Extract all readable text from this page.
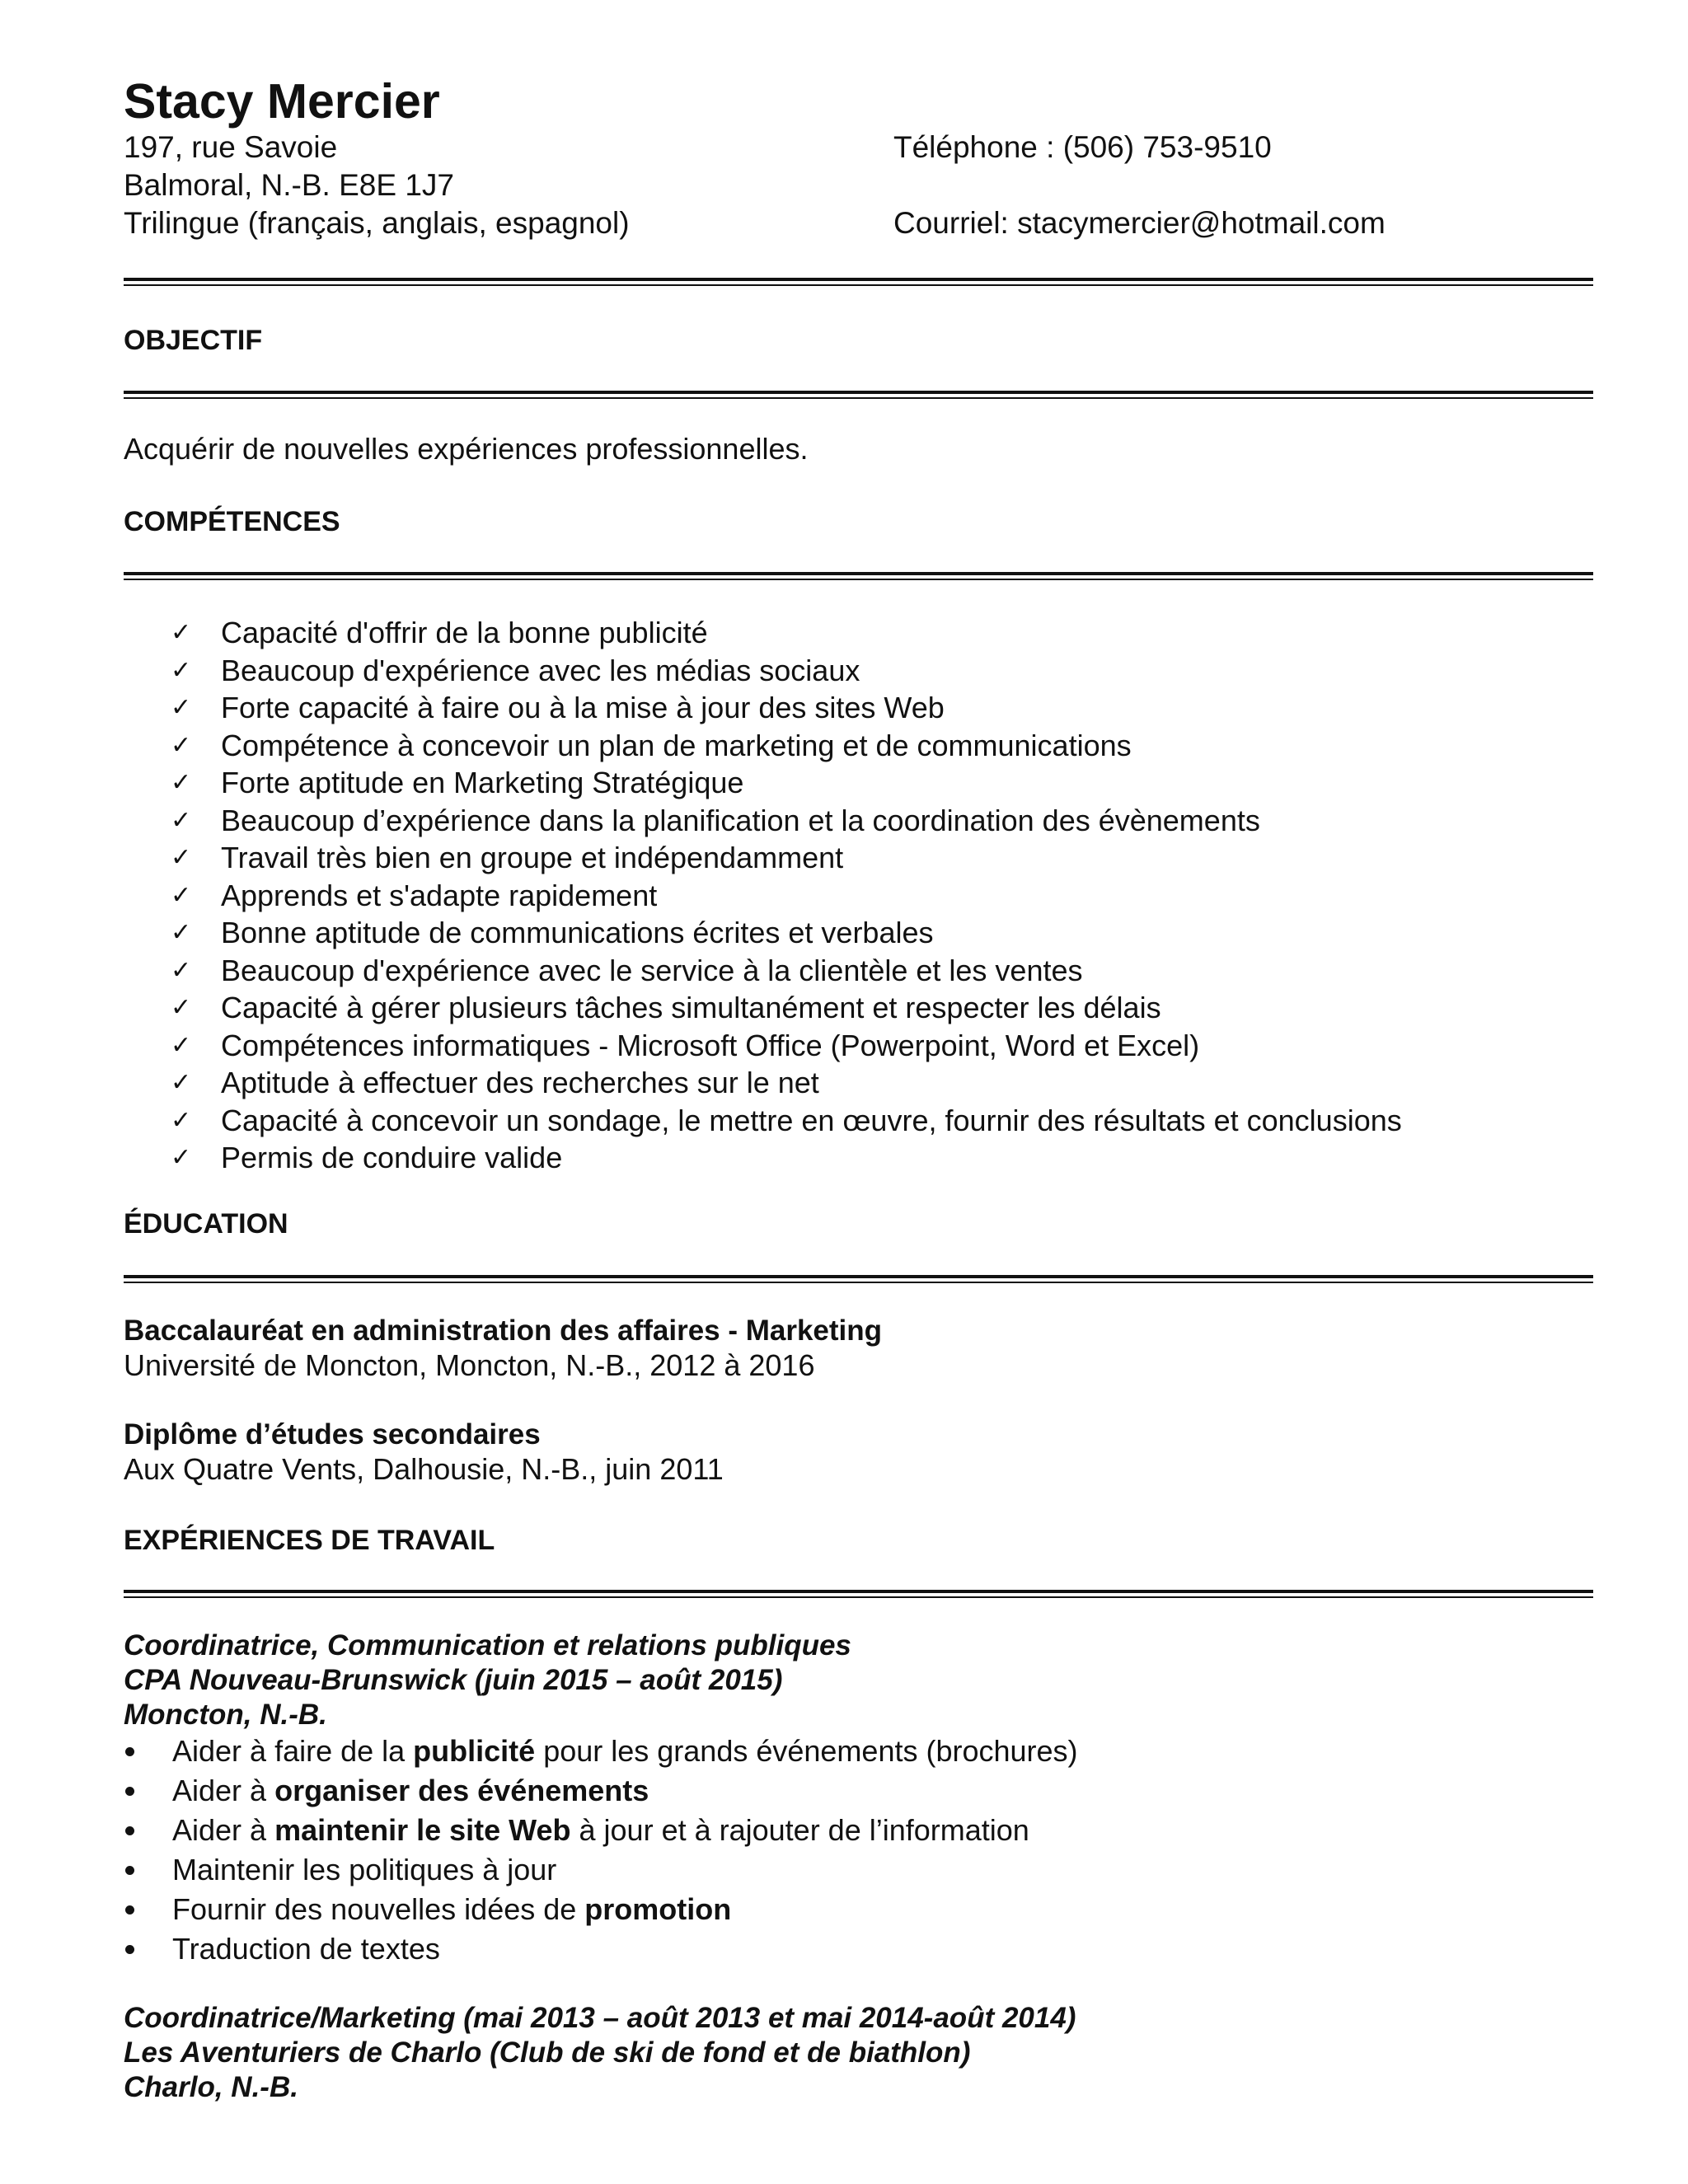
Stacy Mercier
197, rue Savoie
Balmoral, N.-B. E8E 1J7
Trilingue (français, anglais, espagnol)
Téléphone : (506) 753-9510
Courriel: stacymercier@hotmail.com
OBJECTIF
Acquérir de nouvelles expériences professionnelles.
COMPÉTENCES
✓ Capacité d'offrir de la bonne publicité
✓ Beaucoup d'expérience avec les médias sociaux
✓ Forte capacité à faire ou à la mise à jour des sites Web
✓ Compétence à concevoir un plan de marketing et de communications
✓ Forte aptitude en Marketing Stratégique
✓ Beaucoup d’expérience dans la planification et la coordination des évènements
✓ Travail très bien en groupe et indépendamment
✓ Apprends et s'adapte rapidement
✓ Bonne aptitude de communications écrites et verbales
✓ Beaucoup d'expérience avec le service à la clientèle et les ventes
✓ Capacité à gérer plusieurs tâches simultanément et respecter les délais
✓ Compétences informatiques - Microsoft Office (Powerpoint, Word et Excel)
✓ Aptitude à effectuer des recherches sur le net
✓ Capacité à concevoir un sondage, le mettre en œuvre, fournir des résultats et conclusions
✓ Permis de conduire valide
ÉDUCATION
Baccalauréat en administration des affaires - Marketing
Université de Moncton, Moncton, N.-B., 2012 à 2016
Diplôme d’études secondaires
Aux Quatre Vents, Dalhousie, N.-B., juin 2011
EXPÉRIENCES DE TRAVAIL
Coordinatrice, Communication et relations publiques
CPA Nouveau-Brunswick (juin 2015 – août 2015)
Moncton, N.-B.
Aider à faire de la publicité pour les grands événements (brochures)
Aider à organiser des événements
Aider à maintenir le site Web à jour et à rajouter de l’information
Maintenir les politiques à jour
Fournir des nouvelles idées de promotion
Traduction de textes
Coordinatrice/Marketing (mai 2013 – août 2013 et mai 2014-août 2014)
Les Aventuriers de Charlo (Club de ski de fond et de biathlon)
Charlo, N.-B.
